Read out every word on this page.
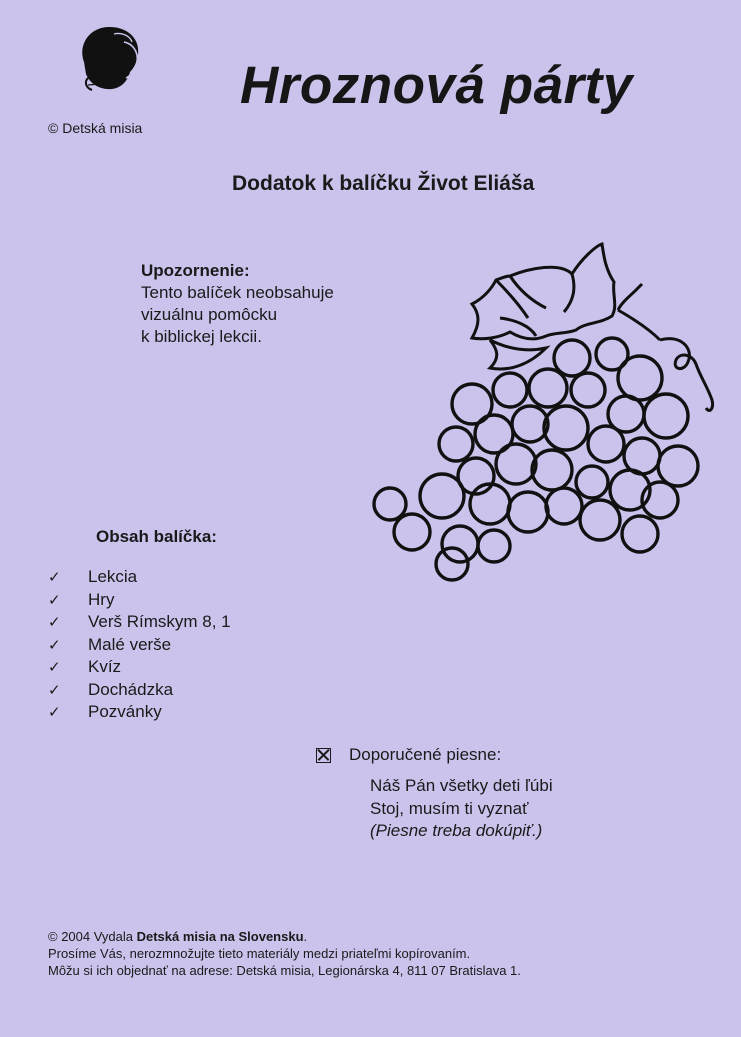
© Detská misia
Hroznová párty
Dodatok k balíčku Život Eliáša
Upozornenie:
Tento balíček neobsahuje
vizuálnu pomôcku
k biblickej lekcii.
Obsah balíčka:
✓	Lekcia
✓	Hry
✓	Verš Rímskym 8, 1
✓	Malé verše
✓	Kvíz
✓	Dochádzka
✓	Pozvánky
Doporučené piesne:
Náš Pán všetky deti ľúbi
Stoj, musím ti vyznať
(Piesne treba dokúpiť.)
© 2004 Vydala Detská misia na Slovensku.
Prosíme Vás, nerozmnožujte tieto materiály medzi priateľmi kopírovaním.
Môžu si ich objednať na adrese: Detská misia, Legionárska 4, 811 07 Bratislava 1.
